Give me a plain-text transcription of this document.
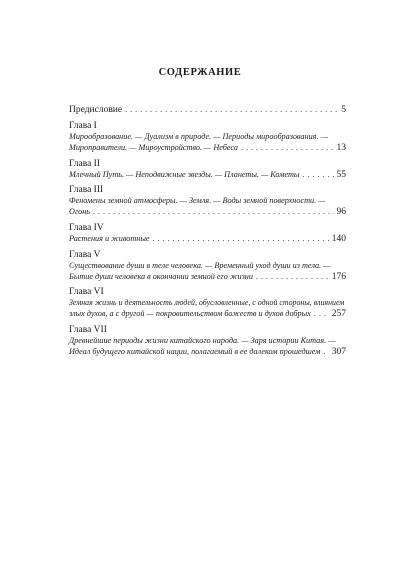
СОДЕРЖАНИЕ
Предисловие . . .	5
Глава I
Мирообразование. — Дуализм в природе. — Периоды мирообразования. —
Мироправители. — Мироустройство. — Небеса . . .	13
Глава II
Млечный Путь. — Неподвижные звезды. — Планеты. — Кометы . . .	55
Глава III
Феномены земной атмосферы. — Земля. — Воды земной поверхности. —
Огонь . . .	96
Глава IV
Растения и животные . . .	140
Глава V
Существование души в теле человека. — Временный уход души из тела. —
Бытие души человека в окончании земной его жизни . . .	176
Глава VI
Земная жизнь и деятельность людей, обусловленные, с одной стороны, влиянием
злых духов, а с другой — покровительством божеств и духов добрых . . . 257
Глава VII
Древнейшие периоды жизни китайского народа. — Заря истории Китая. —
Идеал будущего китайской нации, полагаемый в ее далеком прошедшем . . . 307
